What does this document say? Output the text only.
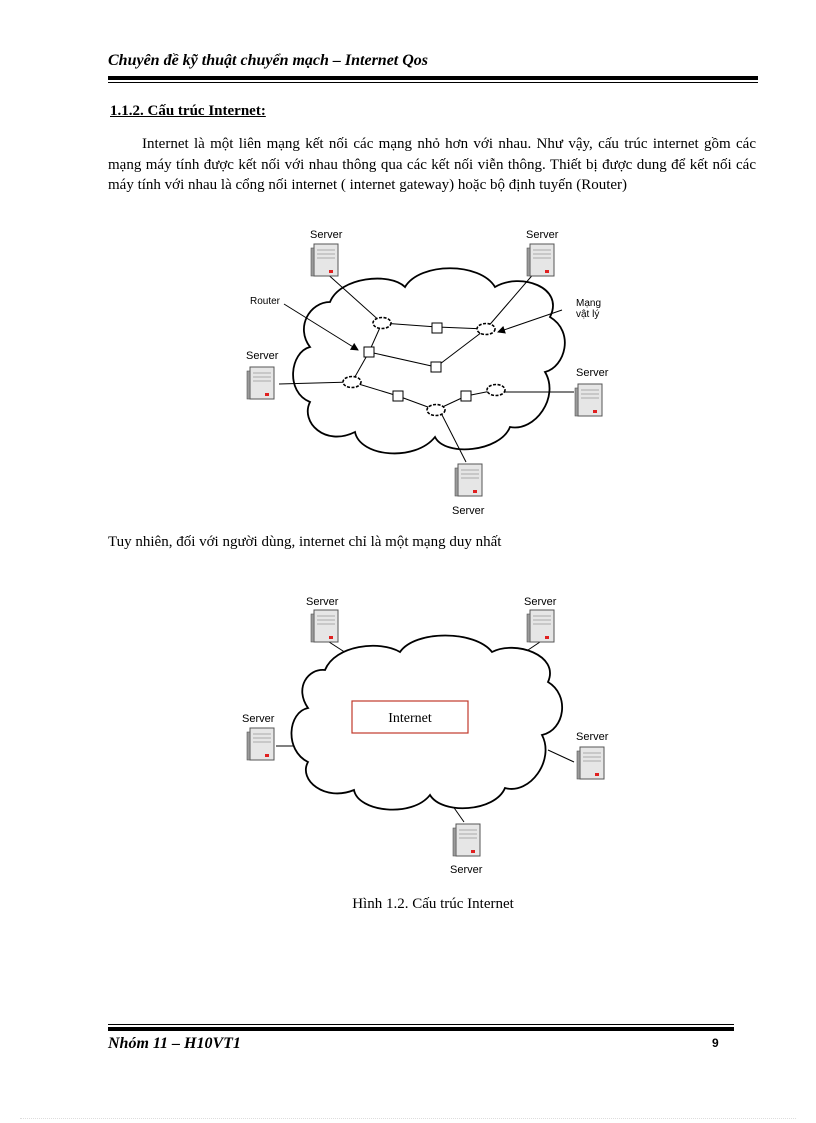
Chuyên đề kỹ thuật chuyển mạch – Internet Qos
1.1.2. Cấu trúc Internet:

Internet là một liên mạng kết nối các mạng nhỏ hơn với nhau. Như vậy, cấu trúc internet gồm các mạng máy tính được kết nối với nhau thông qua các kết nối viễn thông. Thiết bị được dung để kết nối các máy tính với nhau là cổng nối internet ( internet gateway) hoặc bộ định tuyến (Router)

Server	Server
Server
Server
Server
Router	Mạng
vật lý
Tuy nhiên, đối với người dùng, internet chỉ là một mạng duy nhất
Internet
Server	Server
Server
Server
Server
Hình 1.2. Cấu trúc Internet
Nhóm 11 – H10VT1	9
